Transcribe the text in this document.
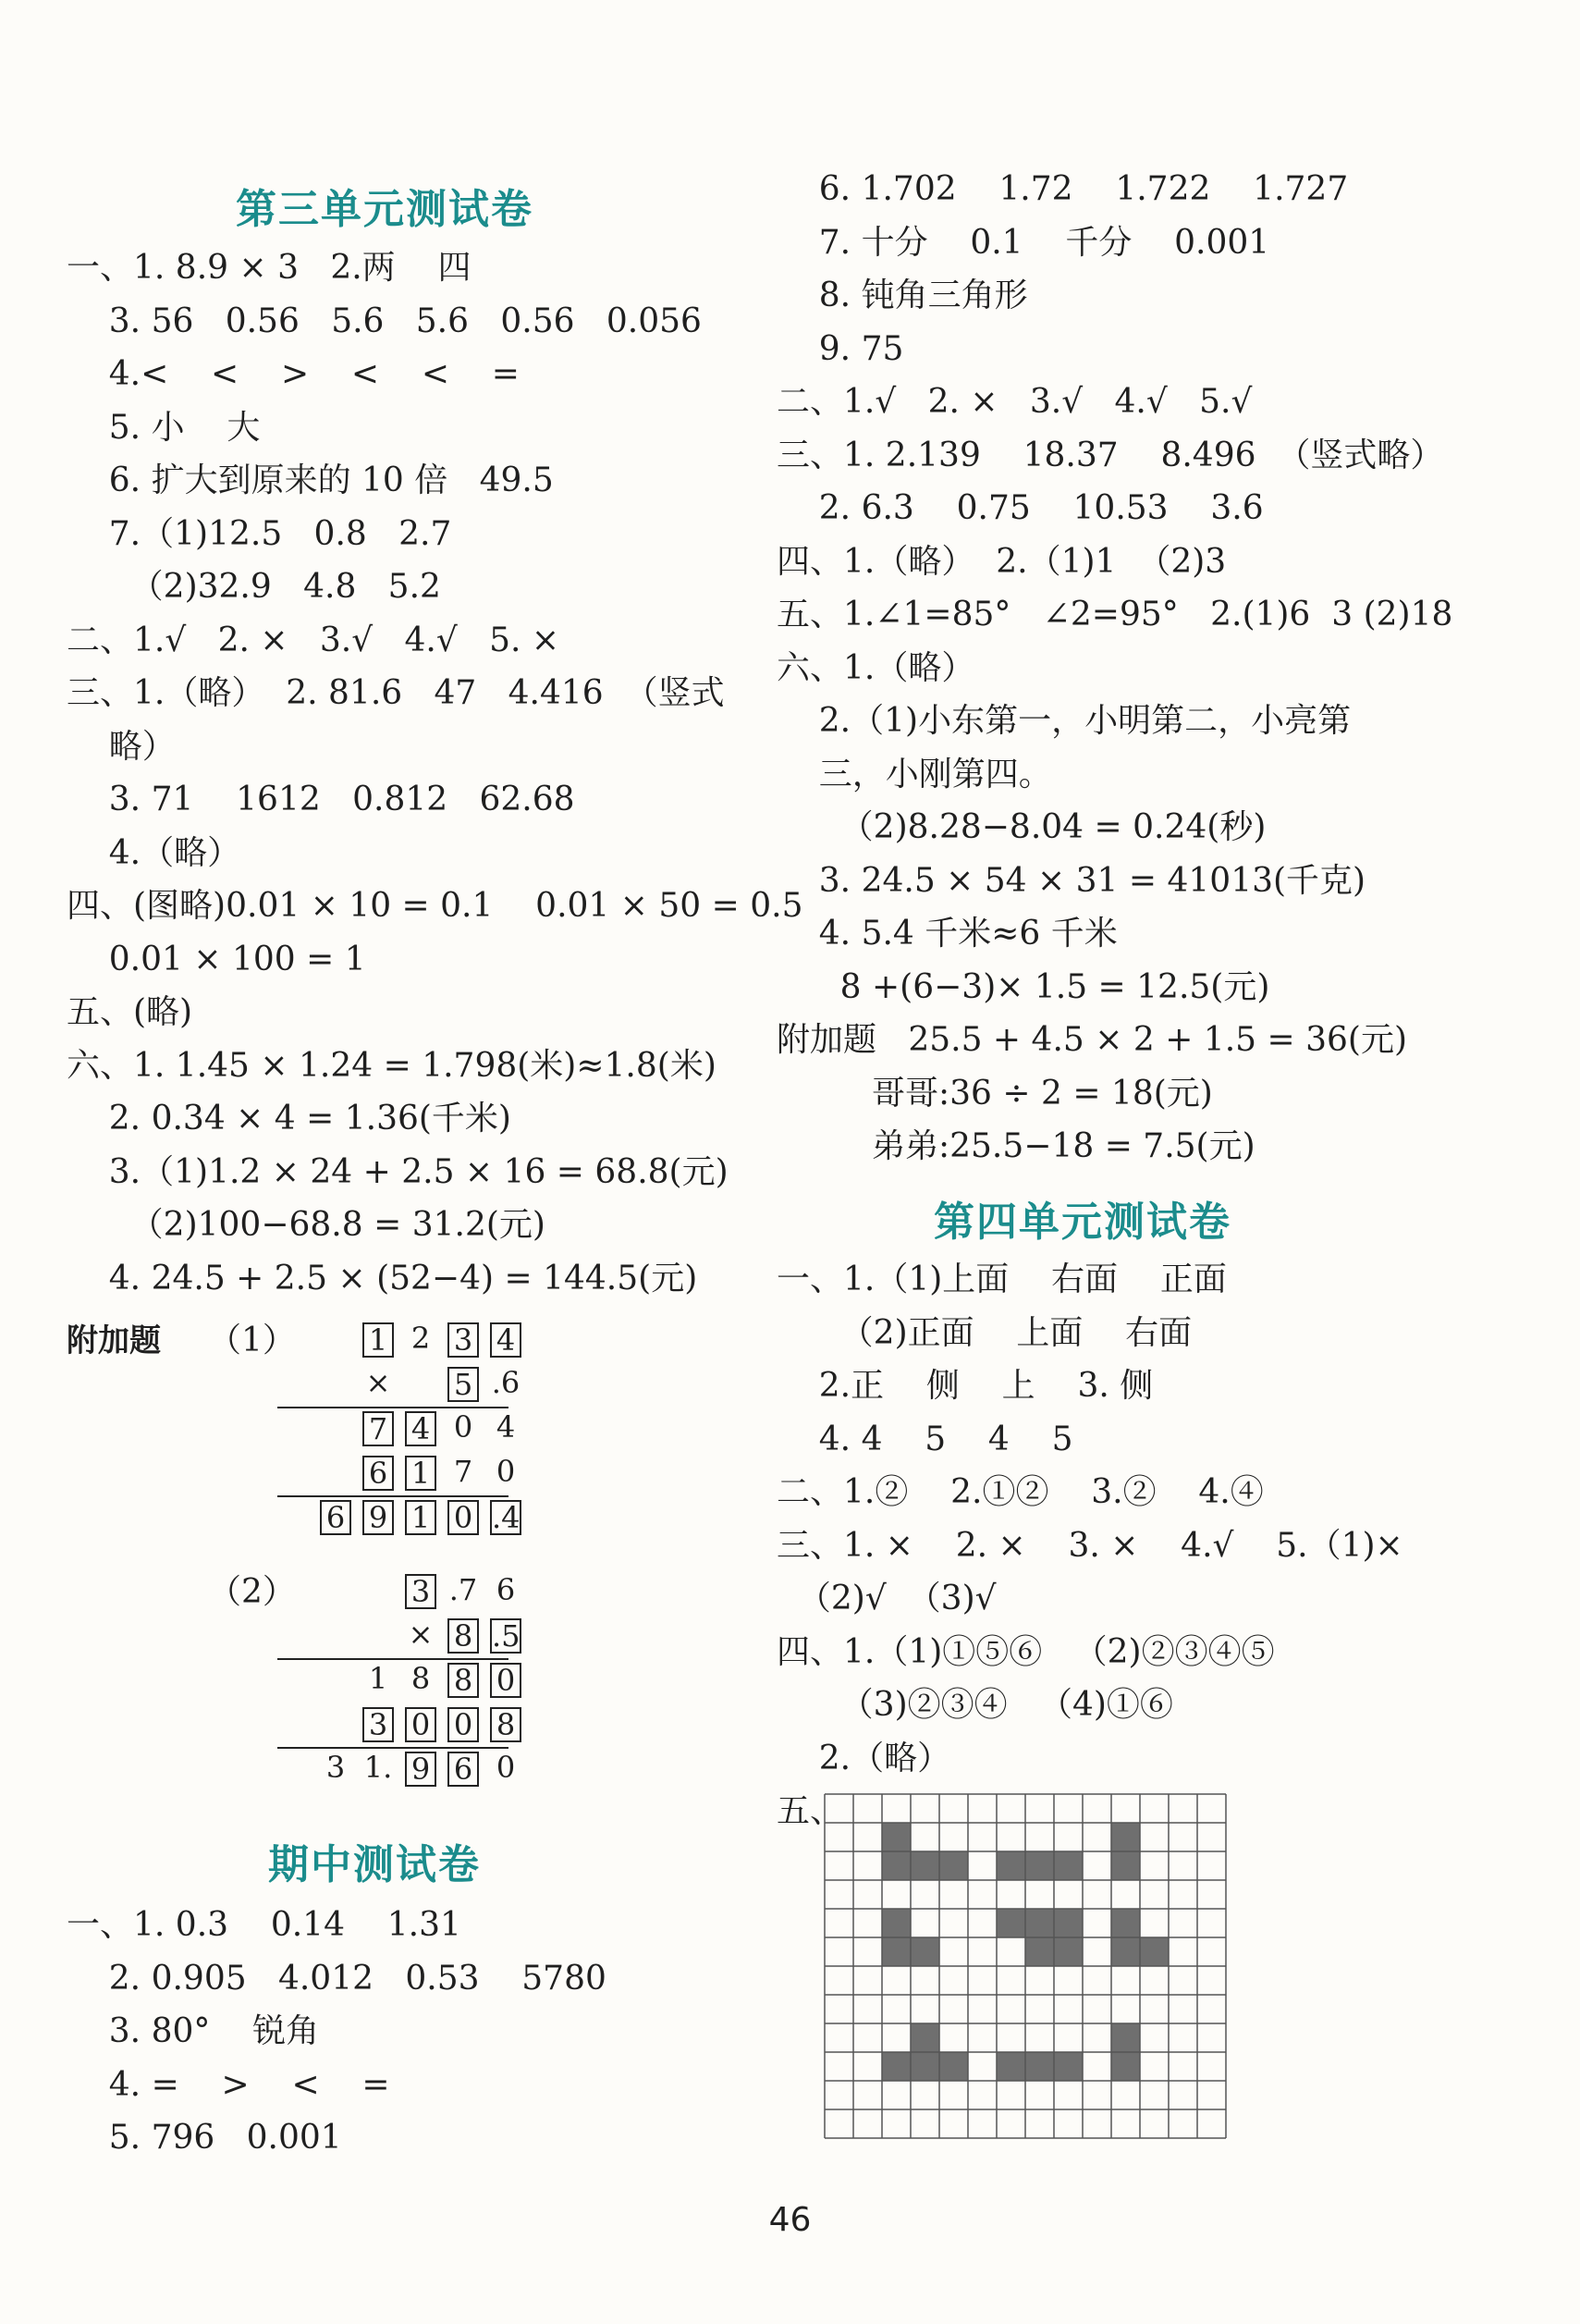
第三单元测试卷
一、1. 8.9 × 3   2.两    四
3. 56   0.56   5.6   5.6   0.56   0.056
4.<    <    >    <    <    =
5. 小    大
6. 扩大到原来的 10 倍   49.5
7.（1)12.5   0.8   2.7
（2)32.9   4.8   5.2
二、1.√   2. ×   3.√   4.√   5. ×
三、1.（略）  2. 81.6   47   4.416  （竖式
略）
3. 71    1612   0.812   62.68
4.（略）
四、(图略)0.01 × 10 = 0.1    0.01 × 50 = 0.5
0.01 × 100 = 1
五、(略)
六、1. 1.45 × 1.24 = 1.798(米)≈1.8(米)
2. 0.34 × 4 = 1.36(千米)
3.（1)1.2 × 24 + 2.5 × 16 = 68.8(元)
（2)100−68.8 = 31.2(元)
4. 24.5 + 2.5 × (52−4) = 144.5(元)
附加题 （1） 1 2 3 4
× 5 .6
7 4 0 4
6 1 7 0
6 9 1 0 .4
（2）	3 .7 6
× 8 .5
1 8 8 0
3 0 0 8
3 1. 9 6 0
期中测试卷
一、1. 0.3    0.14    1.31
2. 0.905   4.012   0.53    5780
3. 80°    锐角
4. =    >    <    =
5. 796   0.001
6. 1.702    1.72    1.722    1.727
7. 十分    0.1    千分    0.001
8. 钝角三角形
9. 75
二、1.√   2. ×   3.√   4.√   5.√
三、1. 2.139    18.37    8.496  （竖式略）
2. 6.3    0.75    10.53    3.6
四、1.（略）  2.（1)1  （2)3
五、1.∠1=85°   ∠2=95°   2.(1)6  3 (2)18
六、1.（略）
2.（1)小东第一，小明第二，小亮第
三，小刚第四。
（2)8.28−8.04 = 0.24(秒)
3. 24.5 × 54 × 31 = 41013(千克)
4. 5.4 千米≈6 千米
8 +(6−3)× 1.5 = 12.5(元)
附加题   25.5 + 4.5 × 2 + 1.5 = 36(元)
哥哥:36 ÷ 2 = 18(元)
弟弟:25.5−18 = 7.5(元)
第四单元测试卷
一、1.（1)上面    右面    正面
（2)正面    上面    右面
2.正    侧    上    3. 侧
4. 4    5    4    5
二、1.②    2.①②    3.②    4.④
三、1. ×    2. ×    3. ×    4.√    5.（1)×
（2)√  （3)√
四、1.（1)①⑤⑥   （2)②③④⑤
（3)②③④   （4)①⑥
2.（略）
五、
46
